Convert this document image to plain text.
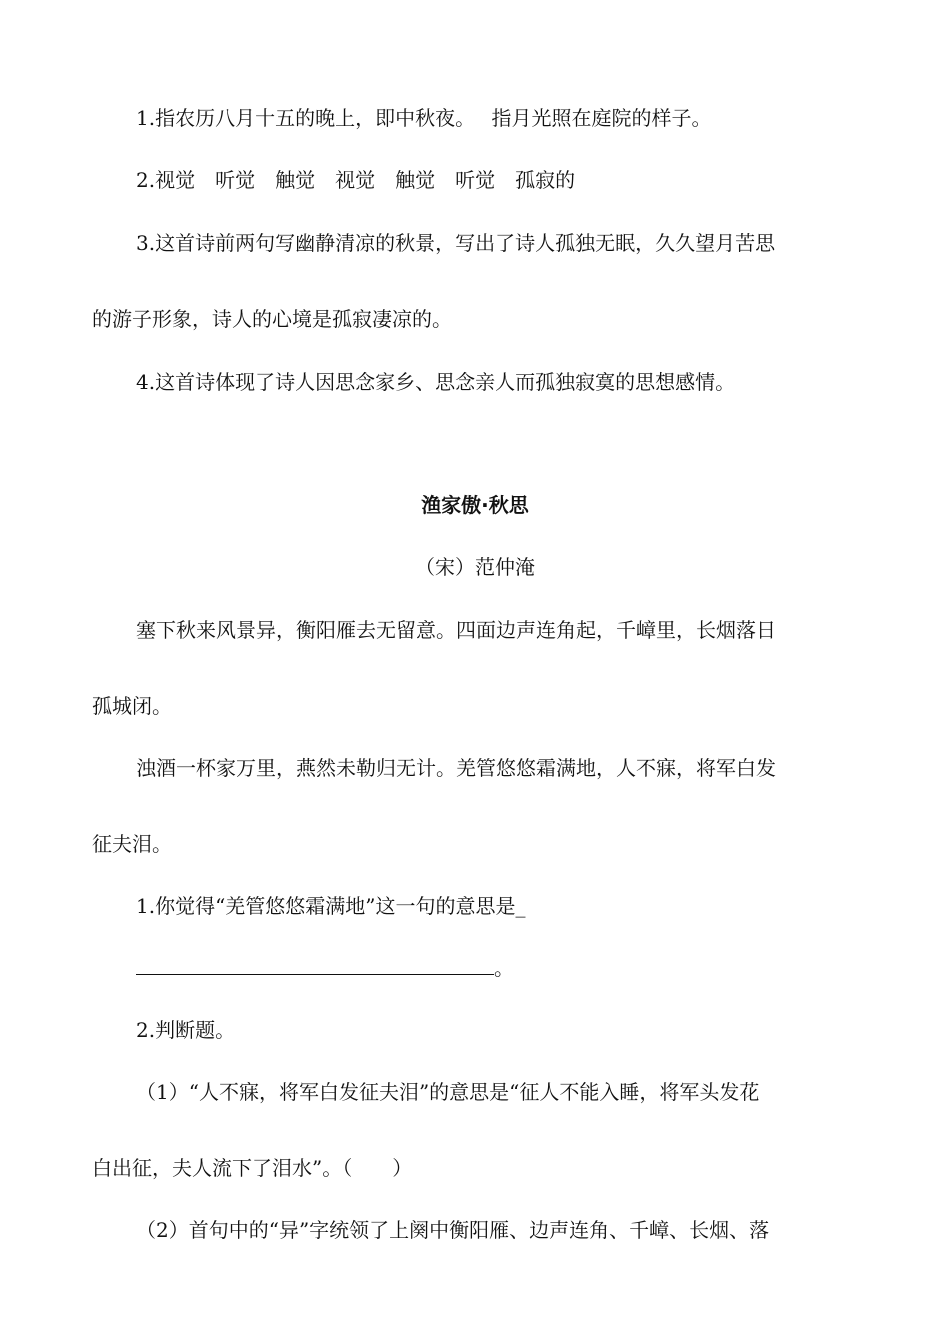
1.指农历八月十五的晚上，即中秋夜。　 指月光照在庭院的样子。
2.视觉　听觉　触觉　视觉　触觉　听觉　孤寂的
3.这首诗前两句写幽静清凉的秋景，写出了诗人孤独无眠，久久望月苦思
的游子形象，诗人的心境是孤寂凄凉的。
4.这首诗体现了诗人因思念家乡、思念亲人而孤独寂寞的思想感情。
渔家傲·秋思
（宋）范仲淹
塞下秋来风景异，衡阳雁去无留意。四面边声连角起，千嶂里，长烟落日
孤城闭。
浊酒一杯家万里，燕然未勒归无计。羌管悠悠霜满地，人不寐，将军白发
征夫泪。
1.你觉得“羌管悠悠霜满地”这一句的意思是_
。
2.判断题。
（1）“人不寐，将军白发征夫泪”的意思是“征人不能入睡，将军头发花
白出征，夫人流下了泪水”。（　　）
（2）首句中的“异”字统领了上阕中衡阳雁、边声连角、千嶂、长烟、落
